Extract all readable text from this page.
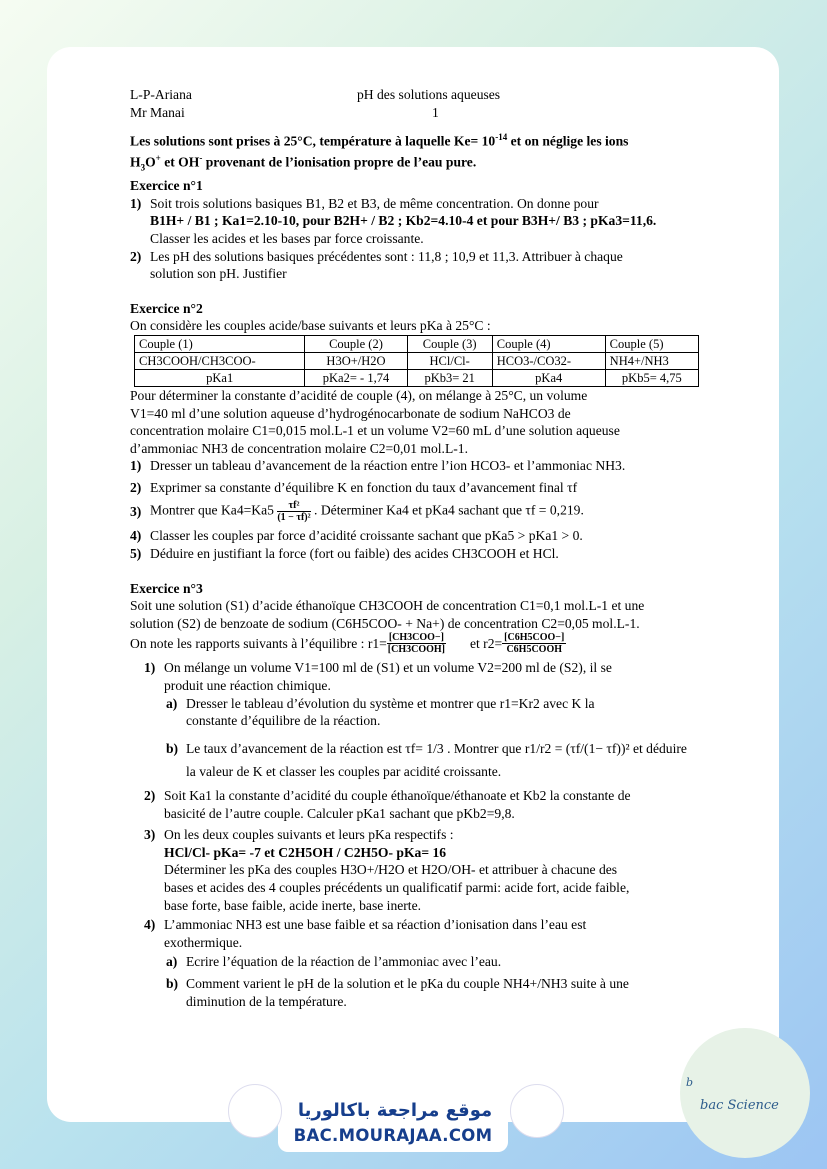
L-P-Ariana	pH des solutions aqueuses
Mr Manai	1

Les solutions sont prises à 25°C, température à laquelle $Ke= 10^{-14}$ et on néglige les ions

$H_3O^+$ et OH- provenant de l’ionisation propre de l’eau pure.

Exercice n°1

1) Soit trois solutions basiques B1, B2 et B3, de même concentration. On donne pour

B1H+ / B1 ; Ka1=2.10-10, pour B2H+ / B2 ; Kb2=4.10-4 et pour B3H+/ B3 ; pKa3=11,6.

Classer les acides et les bases par force croissante.

2) Les pH des solutions basiques précédentes sont : 11,8 ; 10,9 et 11,3. Attribuer à chaque

solution son pH. Justifier

Exercice n°2

On considère les couples acide/base suivants et leurs pKa à 25°C :

Couple (1)	Couple (2)	Couple (3)	Couple (4)	Couple (5)
CH3COOH/CH3COO-	H3O+/H2O	HCl/Cl-	HCO3-/CO32-	NH4+/NH3
pKa1	pKa2= - 1,74	pKb3= 21	pKa4	pKb5= 4,75

Pour déterminer la constante d’acidité de couple (4), on mélange à 25°C, un volume

V1=40 ml d’une solution aqueuse d’hydrogénocarbonate de sodium NaHCO3 de

concentration molaire C1=0,015 mol.L-1 et un volume V2=60 mL d’une solution aqueuse

d’ammoniac NH3 de concentration molaire C2=0,01 mol.L-1.

1) Dresser un tableau d’avancement de la réaction entre l’ion HCO3- et l’ammoniac NH3.
2) Exprimer sa constante d’équilibre K en fonction du taux d’avancement final τf
3) Montrer que $Ka4=Ka5 \frac{\text{τf²}}{\text{(1 − τf)²}}$ . Déterminer Ka4 et pKa4 sachant que τf = 0,219.
4) Classer les couples par force d’acidité croissante sachant que pKa5 > pKa1 > 0.
5) Déduire en justifiant la force (fort ou faible) des acides CH3COOH et HCl.

Exercice n°3

Soit une solution (S1) d’acide éthanoïque CH3COOH de concentration C1=0,1 mol.L-1 et une

solution (S2) de benzoate de sodium (C6H5COO- + Na+) de concentration C2=0,05 mol.L-1.

On note les rapports suivants à l’équilibre : $r1= \frac{\text{[CH3COO−]}}{\text{[CH3COOH]}}$ et $r2= \frac{\text{[C6H5COO−]}}{\text{C6H5COOH}}$

1) On mélange un volume V1=100 ml de (S1) et un volume V2=200 ml de (S2), il se

produit une réaction chimique.

a) Dresser le tableau d’évolution du système et montrer que r1=Kr2 avec K la

constante d’équilibre de la réaction.

b) Le taux d’avancement de la réaction est τf= 1/3 . Montrer que r1/r2 = (τf/(1− τf))² et déduire

la valeur de K et classer les couples par acidité croissante.

2) Soit Ka1 la constante d’acidité du couple éthanoïque/éthanoate et Kb2 la constante de

basicité de l’autre couple. Calculer pKa1 sachant que pKb2=9,8.

3) On les deux couples suivants et leurs pKa respectifs :

HCl/Cl- pKa= -7 et C2H5OH / C2H5O- pKa= 16

Déterminer les pKa des couples H3O+/H2O et H2O/OH- et attribuer à chacune des

bases et acides des 4 couples précédents un qualificatif parmi: acide fort, acide faible,

base forte, base faible, acide inerte, base inerte.

4) L’ammoniac NH3 est une base faible et sa réaction d’ionisation dans l’eau est

exothermique.

a) Ecrire l’équation de la réaction de l’ammoniac avec l’eau.
b) Comment varient le pH de la solution et le pKa du couple NH4+/NH3 suite à une

diminution de la température.

موقع مراجعة باكالوريا
BAC.MOURAJAA.COM
b
bac Science
